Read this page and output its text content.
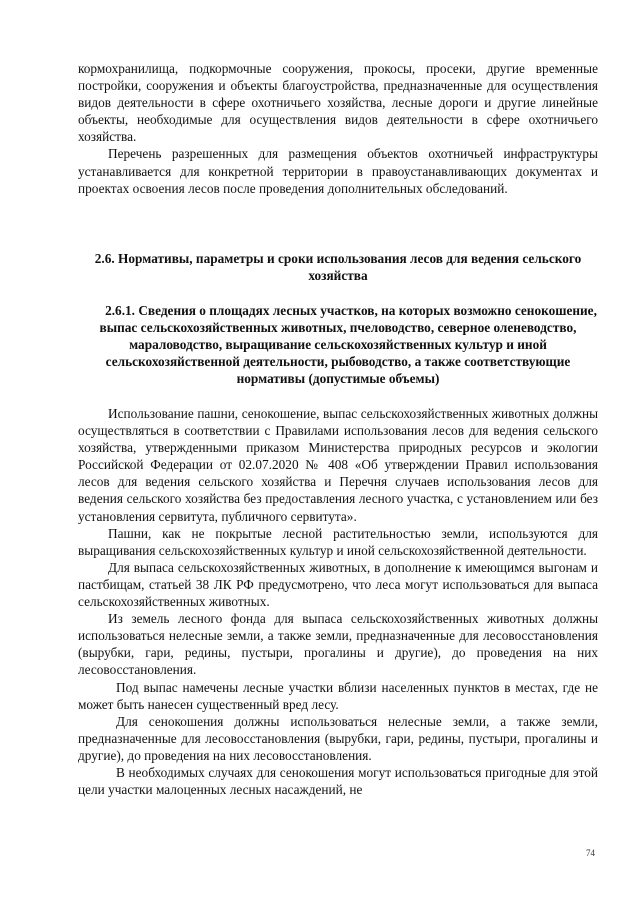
кормохранилища, подкормочные сооружения, прокосы, просеки, другие временные постройки, сооружения и объекты благоустройства, предназначенные для осуществления видов деятельности в сфере охотничьего хозяйства, лесные дороги и другие линейные объекты, необходимые для осуществления видов деятельности в сфере охотничьего хозяйства.

Перечень разрешенных для размещения объектов охотничьей инфраструктуры устанавливается для конкретной территории в правоустанавливающих документах и проектах освоения лесов после проведения дополнительных обследований.

2.6. Нормативы, параметры и сроки использования лесов для ведения сельского хозяйства

2.6.1. Сведения о площадях лесных участков, на которых возможно сенокошение, выпас сельскохозяйственных животных, пчеловодство, северное оленеводство, мараловодство, выращивание сельскохозяйственных культур и иной сельскохозяйственной деятельности, рыбоводство, а также соответствующие нормативы (допустимые объемы)

Использование пашни, сенокошение, выпас сельскохозяйственных животных должны осуществляться в соответствии с Правилами использования лесов для ведения сельского хозяйства, утвержденными приказом Министерства природных ресурсов и экологии Российской Федерации от 02.07.2020 № 408 «Об утверждении Правил использования лесов для ведения сельского хозяйства и Перечня случаев использования лесов для ведения сельского хозяйства без предоставления лесного участка, с установлением или без установления сервитута, публичного сервитута».

Пашни, как не покрытые лесной растительностью земли, используются для выращивания сельскохозяйственных культур и иной сельскохозяйственной деятельности.

Для выпаса сельскохозяйственных животных, в дополнение к имеющимся выгонам и пастбищам, статьей 38 ЛК РФ предусмотрено, что леса могут использоваться для выпаса сельскохозяйственных животных.

Из земель лесного фонда для выпаса сельскохозяйственных животных должны использоваться нелесные земли, а также земли, предназначенные для лесовосстановления (вырубки, гари, редины, пустыри, прогалины и другие), до проведения на них лесовосстановления.

Под выпас намечены лесные участки вблизи населенных пунктов в местах, где не может быть нанесен существенный вред лесу.

Для сенокошения должны использоваться нелесные земли, а также земли, предназначенные для лесовосстановления (вырубки, гари, редины, пустыри, прогалины и другие), до проведения на них лесовосстановления.

В необходимых случаях для сенокошения могут использоваться пригодные для этой цели участки малоценных лесных насаждений, не

74
